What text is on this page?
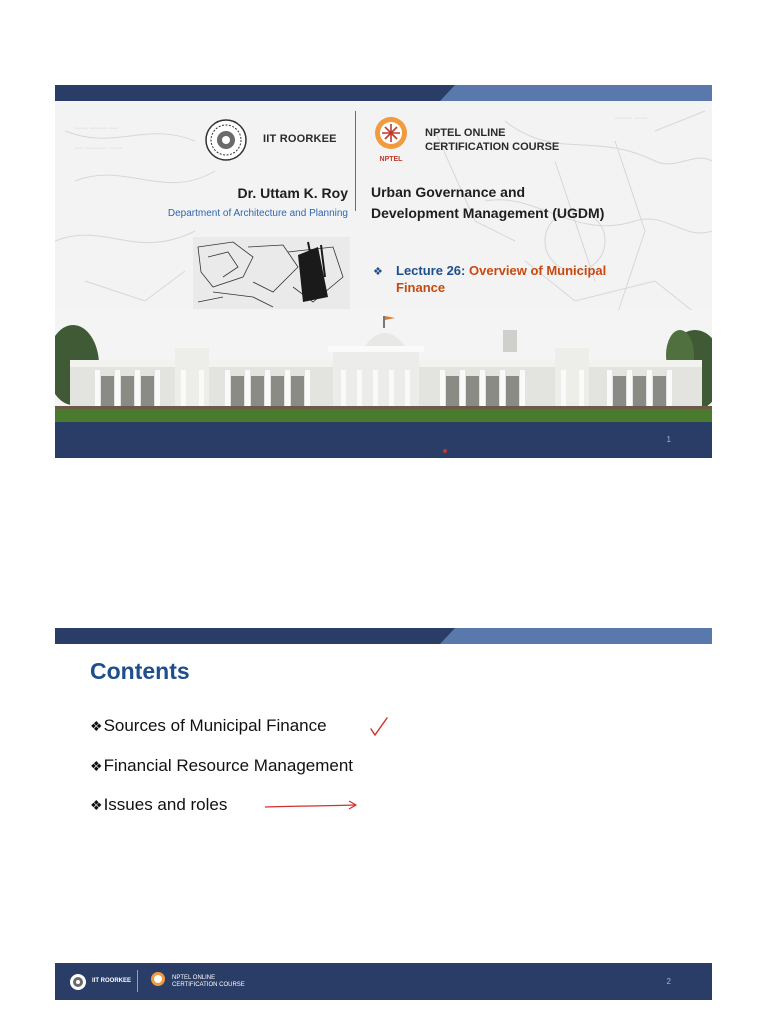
~~~ ~~~~ ~~
~~ ~~~~~ ~~~
~~~~ ~~~
IIT ROORKEE
NPTEL
NPTEL ONLINE
CERTIFICATION COURSE
Dr. Uttam K. Roy
Department of Architecture and Planning
Urban Governance and
Development Management (UGDM)
❖ Lecture 26: Overview of Municipal
Finance
1
Contents
❖Sources of Municipal Finance
❖Financial Resource Management
❖Issues and roles
IIT ROORKEE	NPTEL ONLINE
CERTIFICATION COURSE	2
